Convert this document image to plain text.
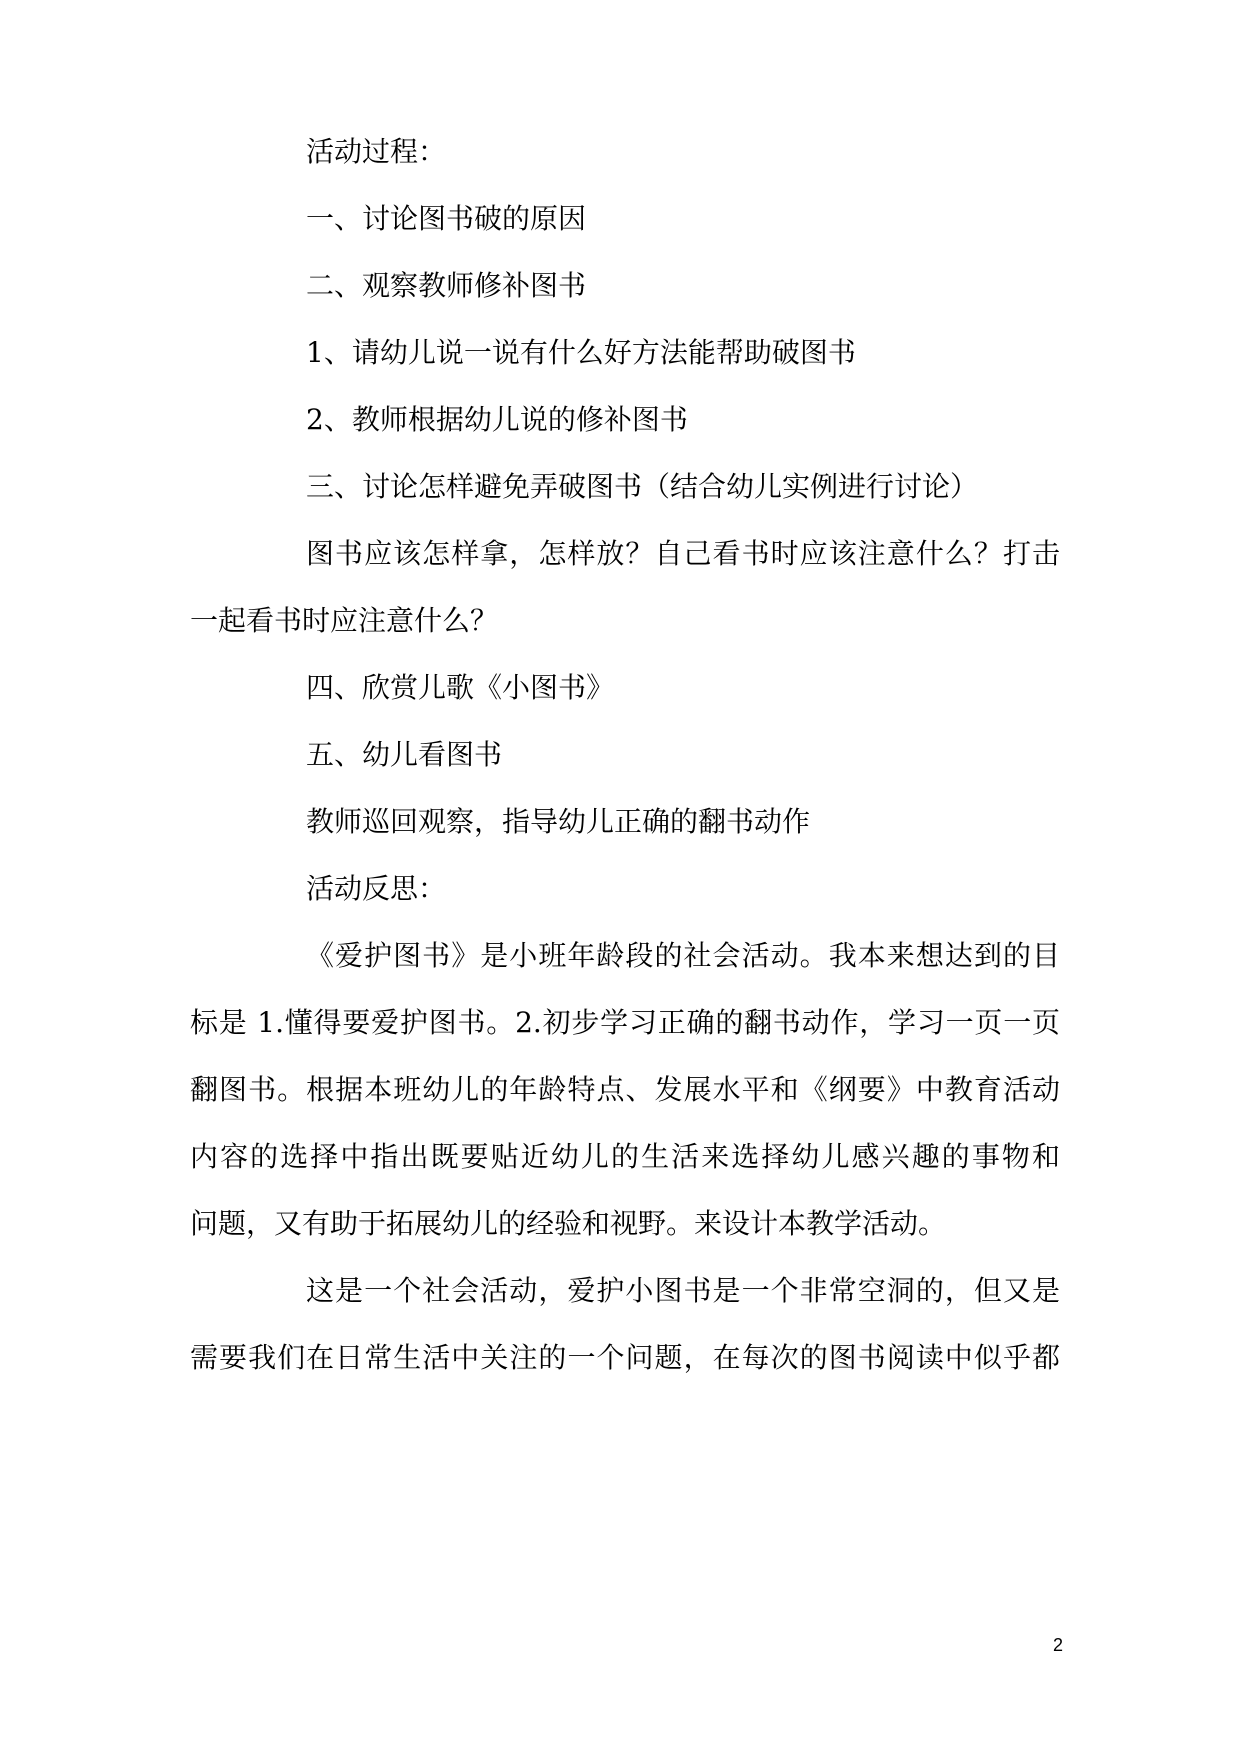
活动过程：
一、讨论图书破的原因
二、观察教师修补图书
1、请幼儿说一说有什么好方法能帮助破图书
2、教师根据幼儿说的修补图书
三、讨论怎样避免弄破图书（结合幼儿实例进行讨论）
图书应该怎样拿，怎样放？自己看书时应该注意什么？打击
一起看书时应注意什么？
四、欣赏儿歌《小图书》
五、幼儿看图书
教师巡回观察，指导幼儿正确的翻书动作
活动反思：
《爱护图书》是小班年龄段的社会活动。我本来想达到的目
标是 1.懂得要爱护图书。2.初步学习正确的翻书动作，学习一页一页
翻图书。根据本班幼儿的年龄特点、发展水平和《纲要》中教育活动
内容的选择中指出既要贴近幼儿的生活来选择幼儿感兴趣的事物和
问题，又有助于拓展幼儿的经验和视野。来设计本教学活动。
这是一个社会活动，爱护小图书是一个非常空洞的，但又是
需要我们在日常生活中关注的一个问题，在每次的图书阅读中似乎都
2
